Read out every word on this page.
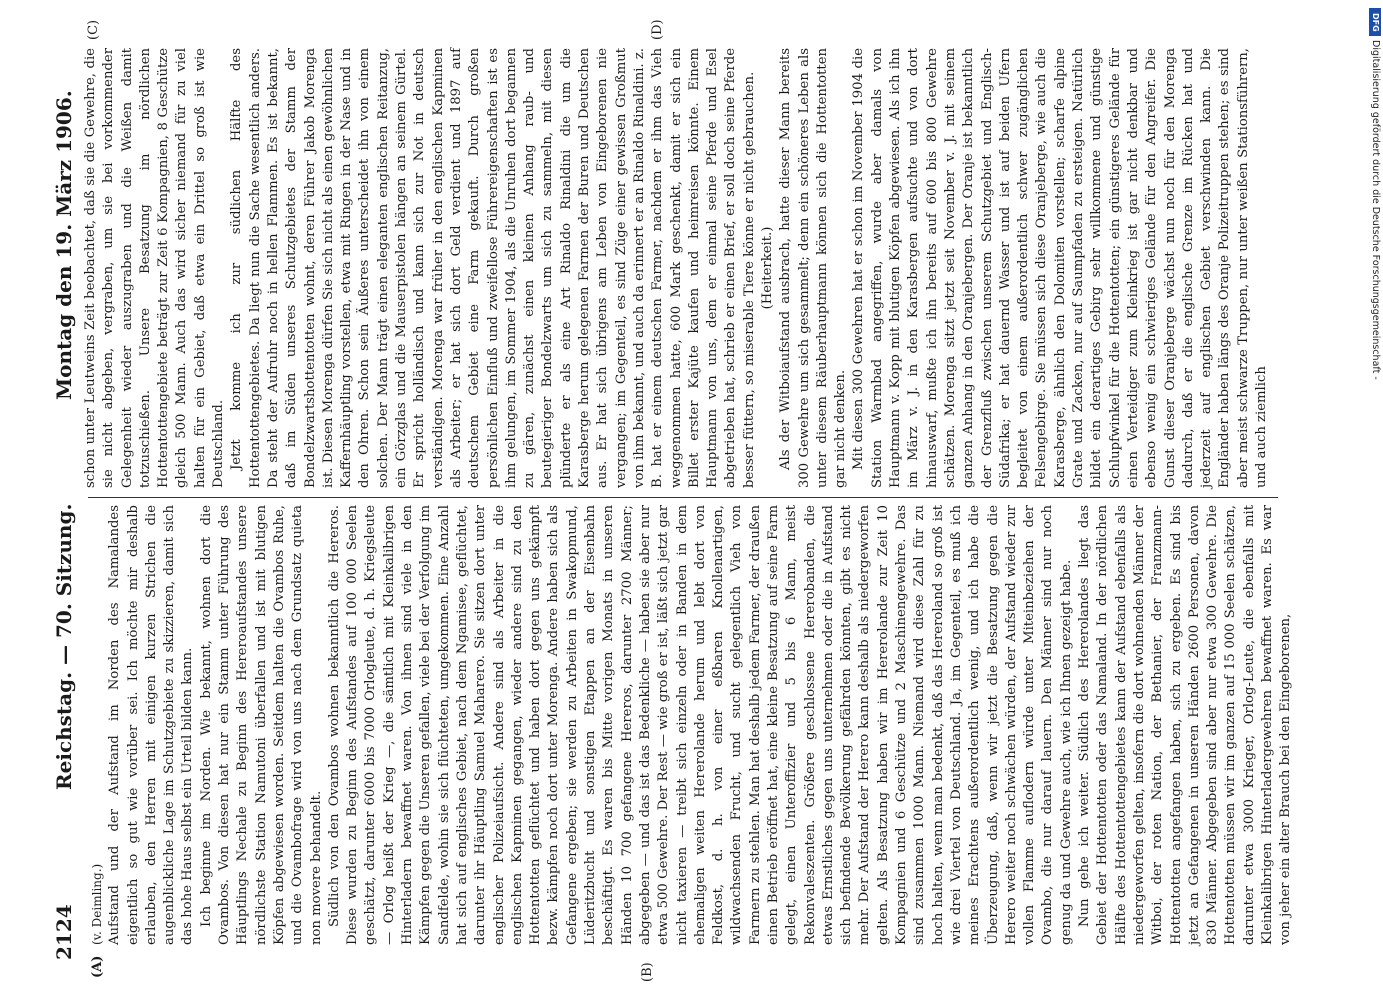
2124
Reichstag. — 70. Sitzung.
Montag den 19. März 1906.
(A)	(B)
(C)	(D)

(v. Deimling.) Aufstand und der Aufstand im Norden des Namalandes eigentlich so gut wie vorüber sei. Ich möchte mir deshalb erlauben, den Herren mit einigen kurzen Strichen die augenblickliche Lage im Schutzgebiete zu skizzieren, damit sich das hohe Haus selbst ein Urteil bilden kann. Ich beginne im Norden. Wie bekannt, wohnen dort die Ovambos. Von diesen hat nur ein Stamm unter Führung des Häuptlings Nechale zu Beginn des Hereroaufstandes unsere nördlichste Station Namutoni überfallen und ist mit blutigen Köpfen abgewiesen worden. Seitdem halten die Ovambos Ruhe, und die Ovambofrage wird von uns nach dem Grundsatz quieta non movere behandelt. Südlich von den Ovambos wohnen bekanntlich die Hereros. Diese wurden zu Beginn des Aufstandes auf 100 000 Seelen geschätzt, darunter 6000 bis 7000 Orlogleute, d. h. Kriegsleute — Orlog heißt der Krieg —, die sämtlich mit Kleinkalibrigen Hinterladern bewaffnet waren. Von ihnen sind viele in den Kämpfen gegen die Unseren gefallen, viele bei der Verfolgung im Sandfelde, wohin sie sich flüchteten, umgekommen. Eine Anzahl hat sich auf englisches Gebiet, nach dem Ngamisee, geflüchtet, darunter ihr Häuptling Samuel Maharero. Sie sitzen dort unter englischer Polizeiaufsicht. Andere sind als Arbeiter in die englischen Kapminen gegangen, wieder andere sind zu den Hottentotten geflüchtet und haben dort gegen uns gekämpft bezw. kämpfen noch dort unter Morenga. Andere haben sich als Gefangene ergeben; sie werden zu Arbeiten in Swakopmund, Lüderitzbucht und sonstigen Etappen an der Eisenbahn beschäftigt. Es waren bis Mitte vorigen Monats in unseren Händen 10 700 gefangene Hereros, darunter 2700 Männer; abgegeben — und das ist das Bedenkliche — haben sie aber nur etwa 500 Gewehre. Der Rest — wie groß er ist, läßt sich jetzt gar nicht taxieren — treibt sich einzeln oder in Banden in dem ehemaligen weiten Hererolande herum und lebt dort von Feldkost, d. h. von einer eßbaren Knollenartigen, wildwachsenden Frucht, und sucht gelegentlich Vieh von Farmern zu stehlen. Man hat deshalb jedem Farmer, der draußen einen Betrieb eröffnet hat, eine kleine Besatzung auf seine Farm gelegt, einen Unteroffizier und 5 bis 6 Mann, meist Rekonvaleszenten. Größere geschlossene Hererobanden, die etwas Ernstliches gegen uns unternehmen oder die in Aufstand sich befindende Bevölkerung gefährden könnten, gibt es nicht mehr. Der Aufstand der Herero kann deshalb als niedergeworfen gelten. Als Besatzung haben wir im Hererolande zur Zeit 10 Kompagnien und 6 Geschütze und 2 Maschinengewehre. Das sind zusammen 1000 Mann. Niemand wird diese Zahl für zu hoch halten, wenn man bedenkt, daß das Hereroland so groß ist wie drei Viertel von Deutschland. Ja, im Gegenteil, es muß ich meines Erachtens außerordentlich wenig, und ich habe die Überzeugung, daß, wenn wir jetzt die Besatzung gegen die Herero weiter noch schwächen würden, der Aufstand wieder zur vollen Flamme auflodern würde unter Miteinbeziehen der Ovambo, die nur darauf lauern. Den Männer sind nur noch genug da und Gewehre auch, wie ich Ihnen gezeigt habe. Nun gehe ich weiter. Südlich des Hererolandes liegt das Gebiet der Hottentotten oder das Namaland. In der nördlichen Hälfte des Hottentottengebietes kann der Aufstand ebenfalls als niedergeworfen gelten, insofern die dort wohnenden Männer der Witboi, der roten Nation, der Bethanier, der Franzmann-Hottentotten angefangen haben, sich zu ergeben. Es sind bis jetzt an Gefangenen in unseren Händen 2600 Personen, davon 830 Männer. Abgegeben sind aber nur etwa 300 Gewehre. Die Hottentotten müssen wir im ganzen auf 15 000 Seelen schätzen, darunter etwa 3000 Krieger, Orlog-Leute, die ebenfalls mit Kleinkalibrigen Hinterladergewehren bewaffnet waren. Es war von jeher ein alter Brauch bei den Eingeborenen,

schon unter Leutweins Zeit beobachtet, daß sie die Gewehre, die sie nicht abgeben, vergraben, um sie bei vorkommender Gelegenheit wieder auszugraben und die Weißen damit totzuschießen. Unsere Besatzung im nördlichen Hottentottengebiete beträgt zur Zeit 6 Kompagnien, 8 Geschütze gleich 500 Mann. Auch das wird sicher niemand für zu viel halten für ein Gebiet, daß etwa ein Drittel so groß ist wie Deutschland. Jetzt komme ich zur südlichen Hälfte des Hottentottengebietes. Da liegt nun die Sache wesentlich anders. Da steht der Aufruhr noch in hellen Flammen. Es ist bekannt, daß im Süden unseres Schutzgebietes der Stamm der Bondelzwartshottentotten wohnt, deren Führer Jakob Morenga ist. Diesen Morenga dürfen Sie sich nicht als einen gewöhnlichen Kaffernhäuptling vorstellen, etwa mit Ringen in der Nase und in den Ohren. Schon sein Äußeres unterscheidet ihn von einem solchen. Der Mann trägt einen eleganten englischen Reitanzug, ein Görzglas und die Mauserpistolen hängen an seinem Gürtel. Er spricht holländisch und kann sich zur Not in deutsch verständigen. Morenga war früher in den englischen Kapminen als Arbeiter; er hat sich dort Geld verdient und 1897 auf deutschem Gebiet eine Farm gekauft. Durch großen persönlichen Einfluß und zweifellose Führereigenschaften ist es ihm gelungen, im Sommer 1904, als die Unruhen dort begannen zu gären, zunächst einen kleinen Anhang raub- und beutegieriger Bondelzwarts um sich zu sammeln, mit diesen plünderte er als eine Art Rinaldo Rinaldini die um die Karasberge herum gelegenen Farmen der Buren und Deutschen aus. Er hat sich übrigens am Leben von Eingeborenen nie vergangen; im Gegenteil, es sind Züge einer gewissen Großmut von ihm bekannt, und auch da erinnert er an Rinaldo Rinaldini. z. B. hat er einem deutschen Farmer, nachdem er ihm das Vieh weggenommen hatte, 600 Mark geschenkt, damit er sich ein Billet erster Kajüte kaufen und heimreisen könnte. Einem Hauptmann von uns, dem er einmal seine Pferde und Esel abgetrieben hat, schrieb er einen Brief, er soll doch seine Pferde besser füttern, so miserable Tiere könne er nicht gebrauchen. (Heiterkeit.) Als der Witboiaufstand ausbrach, hatte dieser Mann bereits 300 Gewehre um sich gesammelt; denn ein schöneres Leben als unter diesem Räuberhauptmann können sich die Hottentotten gar nicht denken. Mit diesen 300 Gewehren hat er schon im November 1904 die Station Warmbad angegriffen, wurde aber damals von Hauptmann v. Kopp mit blutigen Köpfen abgewiesen. Als ich ihn im März v. J. in den Karasbergen aufsuchte und von dort hinauswarf, mußte ich ihn bereits auf 600 bis 800 Gewehre schätzen. Morenga sitzt jetzt seit November v. J. mit seinem ganzen Anhang in den Oranjebergen. Der Oranje ist bekanntlich der Grenzfluß zwischen unserem Schutzgebiet und Englisch-Südafrika; er hat dauernd Wasser und ist auf beiden Ufern begleitet von einem außerordentlich schwer zugänglichen Felsengebirge. Sie müssen sich diese Oranjeberge, wie auch die Karasberge, ähnlich den Dolomiten vorstellen; scharfe alpine Grate und Zacken, nur auf Saumpfaden zu ersteigen. Natürlich bildet ein derartiges Gebirg sehr willkommene und günstige Schlupfwinkel für die Hottentotten; ein günstigeres Gelände für einen Verteidiger zum Kleinkrieg ist gar nicht denkbar und ebenso wenig ein schwieriges Gelände für den Angreifer. Die Gunst dieser Oranjeberge wächst nun noch für den Morenga dadurch, daß er die englische Grenze im Rücken hat und jederzeit auf englischen Gebiet verschwinden kann. Die Engländer haben längs des Oranje Polizeitruppen stehen; es sind aber meist schwarze Truppen, nur unter weißen Stationsführern, und auch ziemlich

DFG
Digitalisierung gefördert durch die Deutsche Forschungsgemeinschaft -
